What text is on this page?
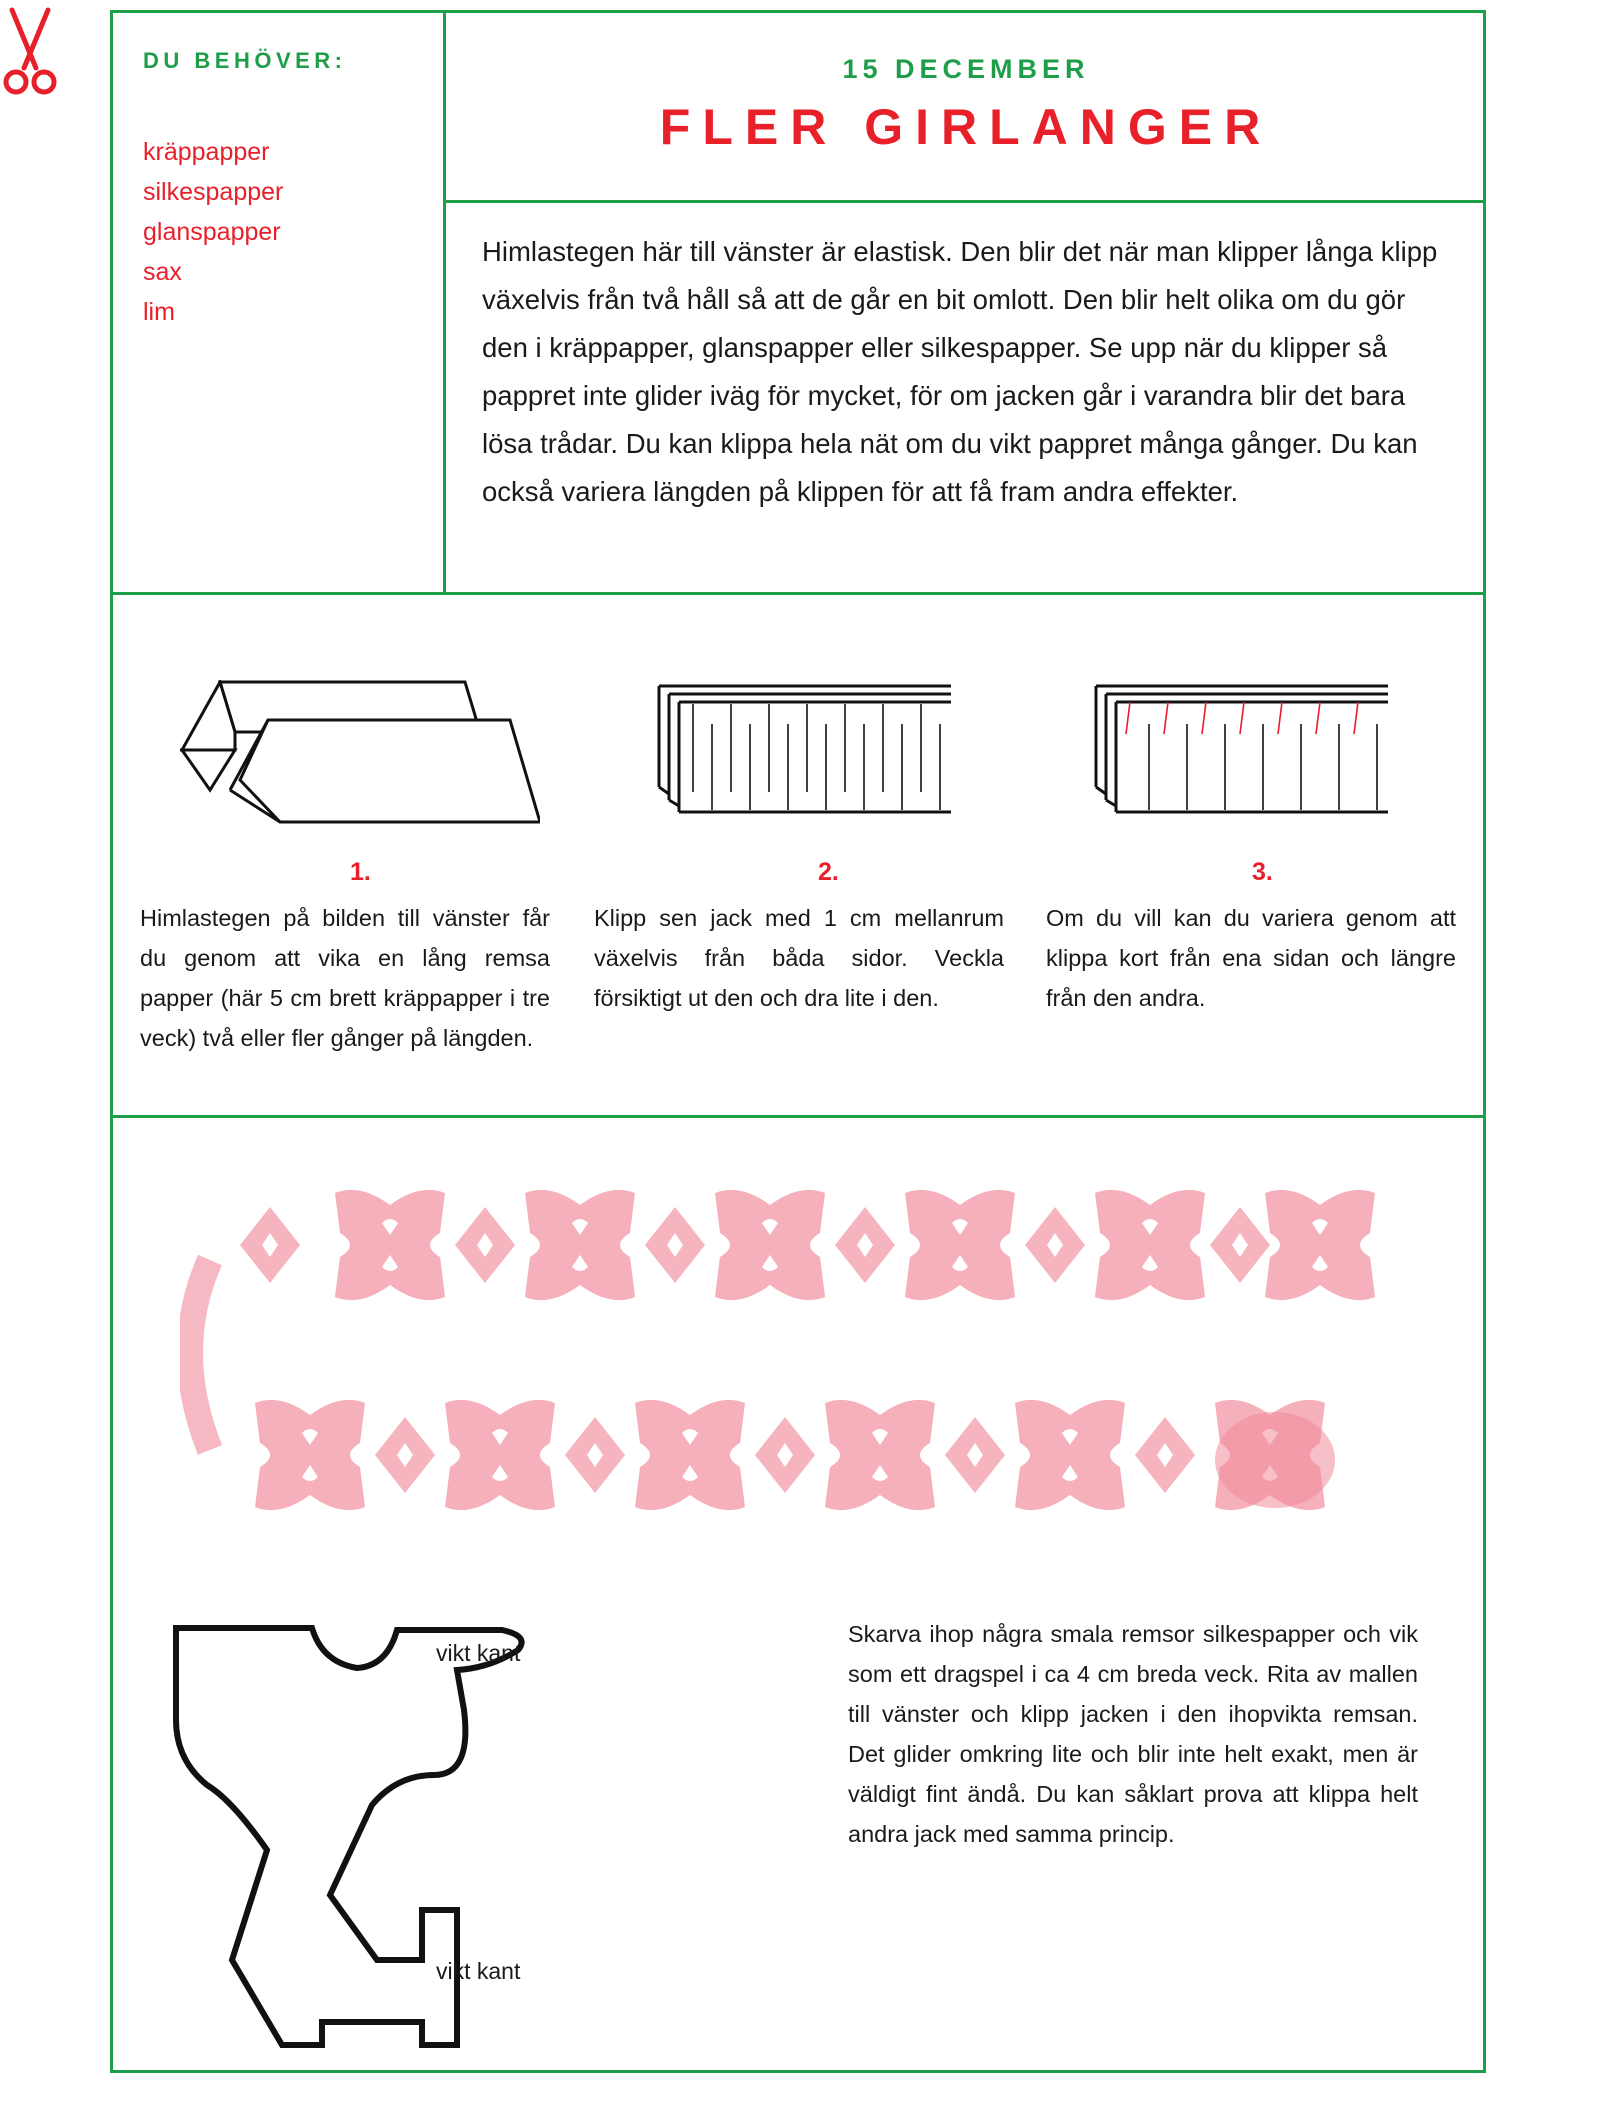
DU BEHÖVER:
kräppapper
silkespapper
glanspapper
sax
lim

15 DECEMBER

FLER GIRLANGER

Himlastegen här till vänster är elastisk. Den blir det när man klipper långa klipp växelvis från två håll så att de går en bit omlott. Den blir helt olika om du gör den i kräppapper, glanspapper eller silkespapper. Se upp när du klipper så pappret inte glider iväg för mycket, för om jacken går i varandra blir det bara lösa trådar. Du kan klippa hela nät om du vikt pappret många gånger. Du kan också variera längden på klippen för att få fram andra effekter.

1.

Himlastegen på bilden till vänster får du genom att vika en lång remsa papper (här 5 cm brett kräppapper i tre veck) två eller fler gånger på längden.

2.

Klipp sen jack med 1 cm mellanrum växelvis från båda sidor. Veckla försiktigt ut den och dra lite i den.

3.

Om du vill kan du variera genom att klippa kort från ena sidan och längre från den andra.

vikt kant

vikt kant

Skarva ihop några smala remsor silkespapper och vik som ett dragspel i ca 4 cm breda veck. Rita av mallen till vänster och klipp jacken i den ihopvikta remsan. Det glider omkring lite och blir inte helt exakt, men är väldigt fint ändå. Du kan såklart prova att klippa helt andra jack med samma princip.
